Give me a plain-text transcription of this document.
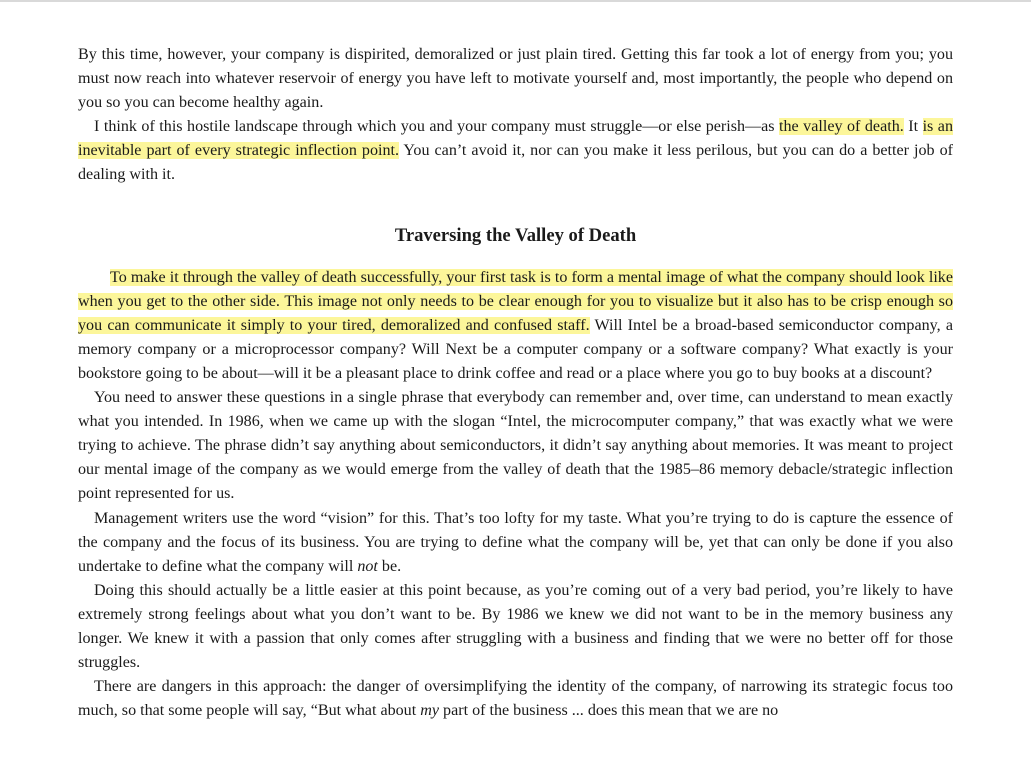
By this time, however, your company is dispirited, demoralized or just plain tired. Getting this far took a lot of energy from you; you must now reach into whatever reservoir of energy you have left to motivate yourself and, most importantly, the people who depend on you so you can become healthy again.

I think of this hostile landscape through which you and your company must struggle—or else perish—as the valley of death. It is an inevitable part of every strategic inflection point. You can’t avoid it, nor can you make it less perilous, but you can do a better job of dealing with it.

Traversing the Valley of Death

To make it through the valley of death successfully, your first task is to form a mental image of what the company should look like when you get to the other side. This image not only needs to be clear enough for you to visualize but it also has to be crisp enough so you can communicate it simply to your tired, demoralized and confused staff. Will Intel be a broad-based semiconductor company, a memory company or a microprocessor company? Will Next be a computer company or a software company? What exactly is your bookstore going to be about—will it be a pleasant place to drink coffee and read or a place where you go to buy books at a discount?

You need to answer these questions in a single phrase that everybody can remember and, over time, can understand to mean exactly what you intended. In 1986, when we came up with the slogan “Intel, the microcomputer company,” that was exactly what we were trying to achieve. The phrase didn’t say anything about semiconductors, it didn’t say anything about memories. It was meant to project our mental image of the company as we would emerge from the valley of death that the 1985–86 memory debacle/strategic inflection point represented for us.

Management writers use the word “vision” for this. That’s too lofty for my taste. What you’re trying to do is capture the essence of the company and the focus of its business. You are trying to define what the company will be, yet that can only be done if you also undertake to define what the company will not be.

Doing this should actually be a little easier at this point because, as you’re coming out of a very bad period, you’re likely to have extremely strong feelings about what you don’t want to be. By 1986 we knew we did not want to be in the memory business any longer. We knew it with a passion that only comes after struggling with a business and finding that we were no better off for those struggles.

There are dangers in this approach: the danger of oversimplifying the identity of the company, of narrowing its strategic focus too much, so that some people will say, “But what about my part of the business ... does this mean that we are no
